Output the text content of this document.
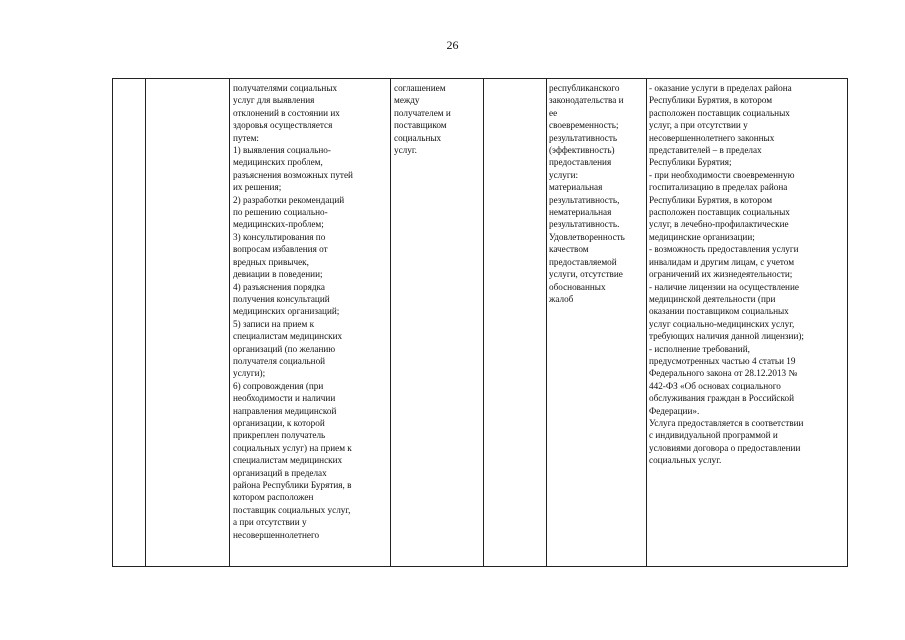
26
получателями социальных
услуг для выявления
отклонений в состоянии их
здоровья осуществляется
путем:
1) выявления социально-
медицинских проблем,
разъяснения возможных путей
их решения;
2) разработки рекомендаций
по решению социально-
медицинских-проблем;
3) консультирования по
вопросам избавления от
вредных привычек,
девиации в поведении;
4) разъяснения порядка
получения консультаций
медицинских организаций;
5) записи на прием к
специалистам медицинских
организаций (по желанию
получателя социальной
услуги);
6) сопровождения (при
необходимости и наличии
направления медицинской
организации, к которой
прикреплен получатель
социальных услуг) на прием к
специалистам медицинских
организаций в пределах
района Республики Бурятия, в
котором расположен
поставщик социальных услуг,
а при отсутствии у
несовершеннолетнего
соглашением
между
получателем и
поставщиком
социальных
услуг.
республиканского
законодательства и
ее
своевременность;
результативность
(эффективность)
предоставления
услуги:
материальная
результативность,
нематериальная
результативность.
Удовлетворенность
качеством
предоставляемой
услуги, отсутствие
обоснованных
жалоб
- оказание услуги в пределах района
Республики Бурятия, в котором
расположен поставщик социальных
услуг, а при отсутствии у
несовершеннолетнего законных
представителей – в пределах
Республики Бурятия;
- при необходимости своевременную
госпитализацию в пределах района
Республики Бурятия, в котором
расположен поставщик социальных
услуг, в лечебно-профилактические
медицинские организации;
- возможность предоставления услуги
инвалидам и другим лицам, с учетом
ограничений их жизнедеятельности;
- наличие лицензии на осуществление
медицинской деятельности (при
оказании поставщиком социальных
услуг социально-медицинских услуг,
требующих наличия данной лицензии);
- исполнение требований,
предусмотренных частью 4 статьи 19
Федерального закона от 28.12.2013 №
442-ФЗ «Об основах социального
обслуживания граждан в Российской
Федерации».
Услуга предоставляется в соответствии
с индивидуальной программой и
условиями договора о предоставлении
социальных услуг.
